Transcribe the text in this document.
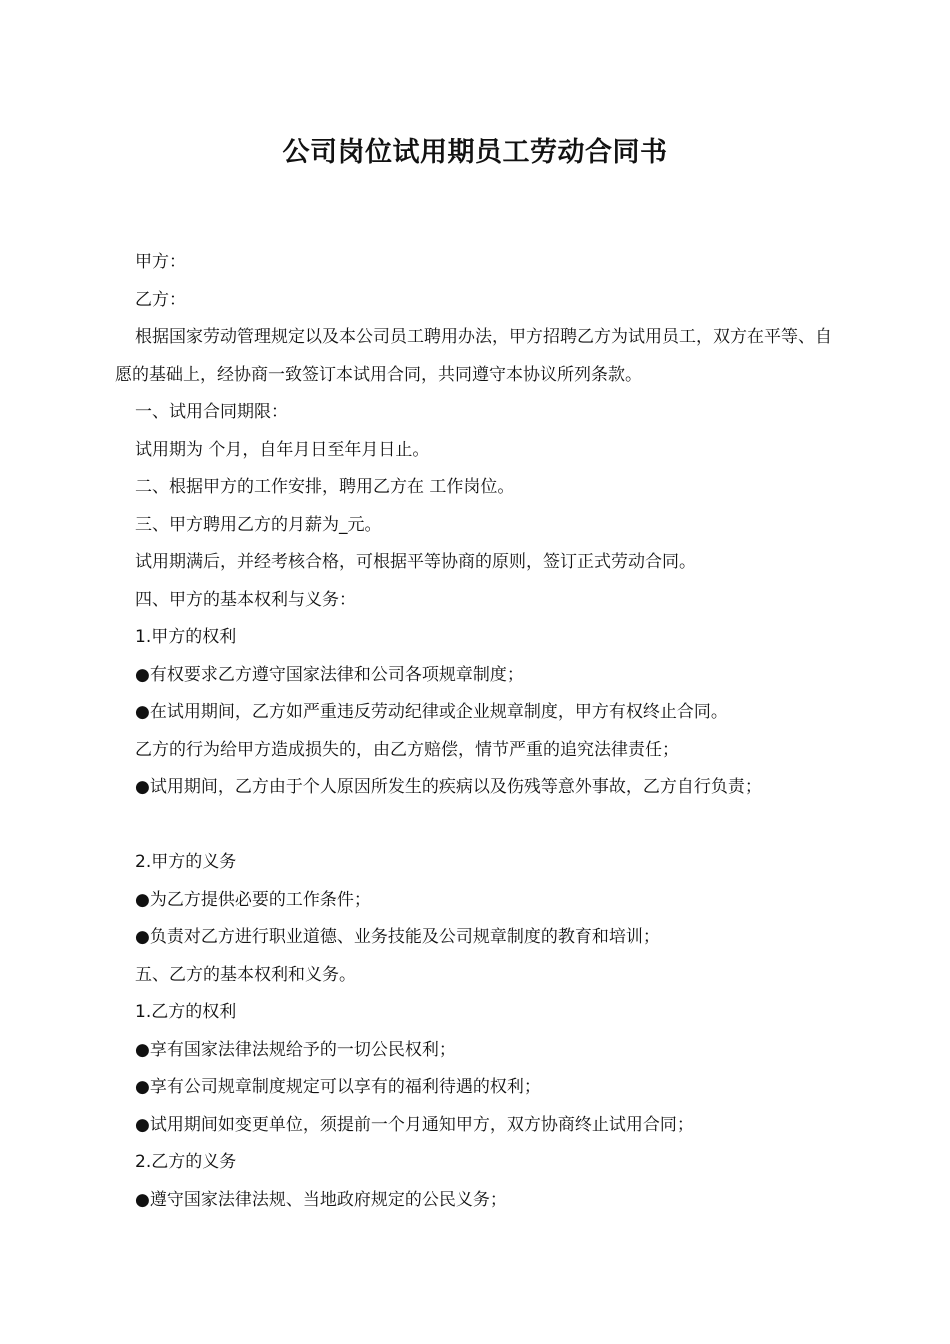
公司岗位试用期员工劳动合同书

甲方：

乙方：

根据国家劳动管理规定以及本公司员工聘用办法，甲方招聘乙方为试用员工，双方在平等、自愿的基础上，经协商一致签订本试用合同，共同遵守本协议所列条款。

一、试用合同期限：

试用期为 个月，自年月日至年月日止。

二、根据甲方的工作安排，聘用乙方在 工作岗位。

三、甲方聘用乙方的月薪为_元。

试用期满后，并经考核合格，可根据平等协商的原则，签订正式劳动合同。

四、甲方的基本权利与义务：

1.甲方的权利

●有权要求乙方遵守国家法律和公司各项规章制度；

●在试用期间，乙方如严重违反劳动纪律或企业规章制度，甲方有权终止合同。

乙方的行为给甲方造成损失的，由乙方赔偿，情节严重的追究法律责任；

●试用期间，乙方由于个人原因所发生的疾病以及伤残等意外事故，乙方自行负责；

2.甲方的义务

●为乙方提供必要的工作条件；

●负责对乙方进行职业道德、业务技能及公司规章制度的教育和培训；

五、乙方的基本权利和义务。

1.乙方的权利

●享有国家法律法规给予的一切公民权利；

●享有公司规章制度规定可以享有的福利待遇的权利；

●试用期间如变更单位，须提前一个月通知甲方，双方协商终止试用合同；

2.乙方的义务

●遵守国家法律法规、当地政府规定的公民义务；
